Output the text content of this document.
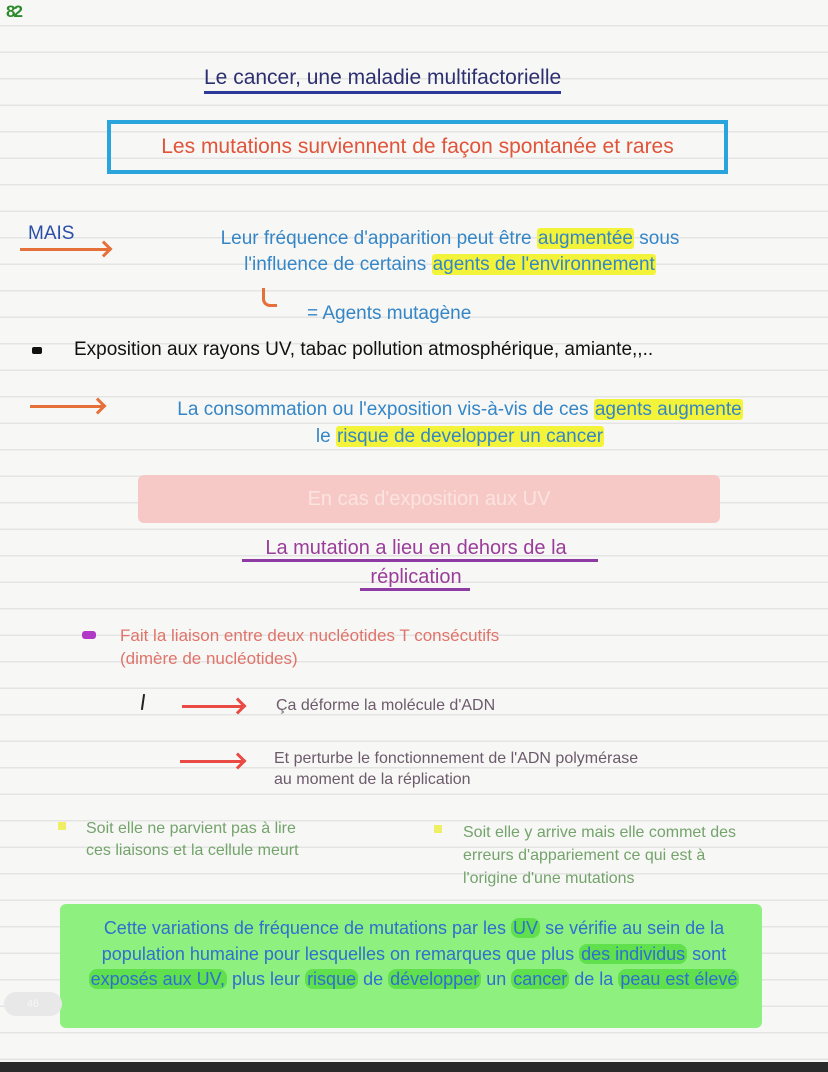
82
Le cancer, une maladie multifactorielle
Les mutations surviennent de façon spontanée et rares
MAIS	Leur fréquence d'apparition peut être augmentée sous
l'influence de certains agents de l'environnement
= Agents mutagène
Exposition aux rayons UV, tabac pollution atmosphérique, amiante,,..
La consommation ou l'exposition vis-à-vis de ces agents augmente
le risque de developper un cancer
En cas d'exposition aux UV
La mutation a lieu en dehors de la réplication
Fait la liaison entre deux nucléotides T consécutifs
(dimère de nucléotides)
Ça déforme la molécule d'ADN
Et perturbe le fonctionnement de l'ADN polymérase
au moment de la réplication
Soit elle ne parvient pas à lire
ces liaisons et la cellule meurt
Soit elle y arrive mais elle commet des
erreurs d'appariement ce qui est à
l'origine d'une mutations
Cette variations de fréquence de mutations par les UV se vérifie au sein de la population humaine pour lesquelles on remarques que plus des individus sont exposés aux UV, plus leur risque de développer un cancer de la peau est élevé
46
